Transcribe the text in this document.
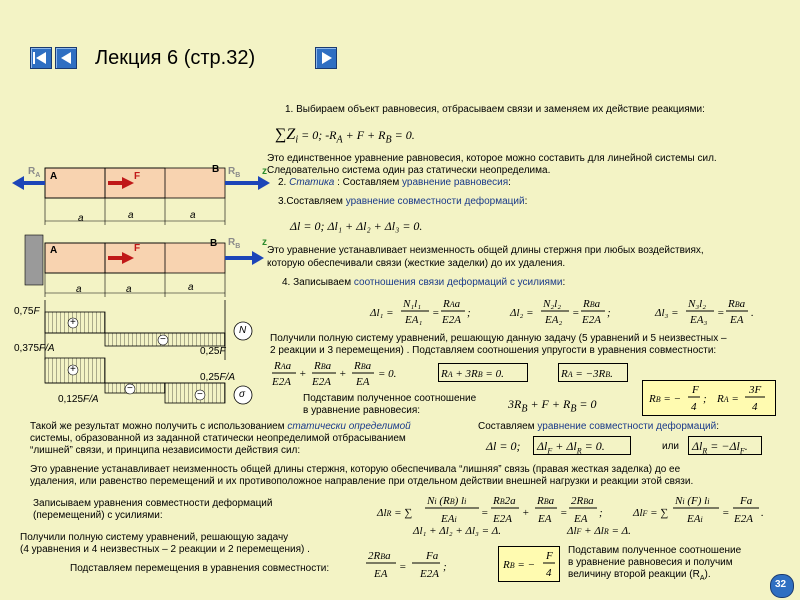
Лекция 6 (стр.32)
$R_A$ A	F
B $R_B$ z
a	a	a
A	F	B $R_B$ z
a	a	a
0,75F
+
−
N
0,375F/A	0,25F
+
0,25F/A
−
−	σ
0,125F/A
1. Выбираем объект равновесия, отбрасываем связи и заменяем их действие реакциями:
$\sum Z_i = 0$; $-R_A + F + R_B = 0$.
Это единственное уравнение равновесия, которое можно составить для линейной системы сил.
Следовательно система один раз статически неопределима.
2. Статика : Составляем уравнение равновесия:
3.Составляем уравнение совместности деформаций:
Δl = 0; Δl₁ + Δl₂ + Δl₃ = 0.
Это уравнение устанавливает неизменность общей длины стержня при любых воздействиях,
которую обеспечивали связи (жесткие заделки) до их удаления.
4. Записываем соотношения связи деформаций с усилиями:
Δl₁ =
N₁l₁
EA₁
=
RAa
E2A
;	Δl₂ =
N₂l₂
EA₂
=
RBa
E2A
;	Δl₃ =
N₃l₂
EA₃
=
RBa
EA
.
Получили полную систему уравнений, решающую данную задачу (5 уравнений и 5 неизвестных –
2 реакции и 3 перемещения) . Подставляем соотношения упругости в уравнения совместности:
RAa
E2A
+
RBa
E2A
+
RBa
EA
= 0.	RA + 3RB = 0.	RA = −3RB.
Подставим полученное соотношение
в уравнение равновесия:	$3R_B + F + R_B = 0$	RB = −
F
4
; RA =
3F
4
Такой же результат можно получить с использованием статически определимой
системы, образованной из заданной статически неопределимой отбрасыванием
“лишней” связи, и принципа независимости действия сил:
Составляем уравнение совместности деформаций:
Δl = 0; $\Delta l_F + \Delta l_R = 0$.	или $\Delta l_R = -\Delta l_F$.
Это уравнение устанавливает неизменность общей длины стержня, которую обеспечивала “лишняя” связь (правая жесткая заделка) до ее
удаления, или равенство перемещений и их противоположное направление при отдельном действии внешней нагрузки и реакции этой связи.
Записываем уравнения совместности деформаций
(перемещений) с усилиями:	ΔlR = ∑
Ni (RB) li
EAi
=
RB2a
E2A +
RBa
EA =
2RBa
EA ;	ΔlF = ∑
Ni (F) li
EAi
=
Fa
E2A .
Δl₁ + Δl₂ + Δl₃ = Δ.	ΔlF + ΔlR = Δ.
Получили полную систему уравнений, решающую задачу
(4 уравнения и 4 неизвестных – 2 реакции и 2 перемещения) .
Подставляем перемещения в уравнения совместности:
2RBa
EA
=
Fa
E2A
;	RB = −
F
4
Подставим полученное соотношение
в уравнение равновесия и получим
величину второй реакции $(R_A)$.
32
